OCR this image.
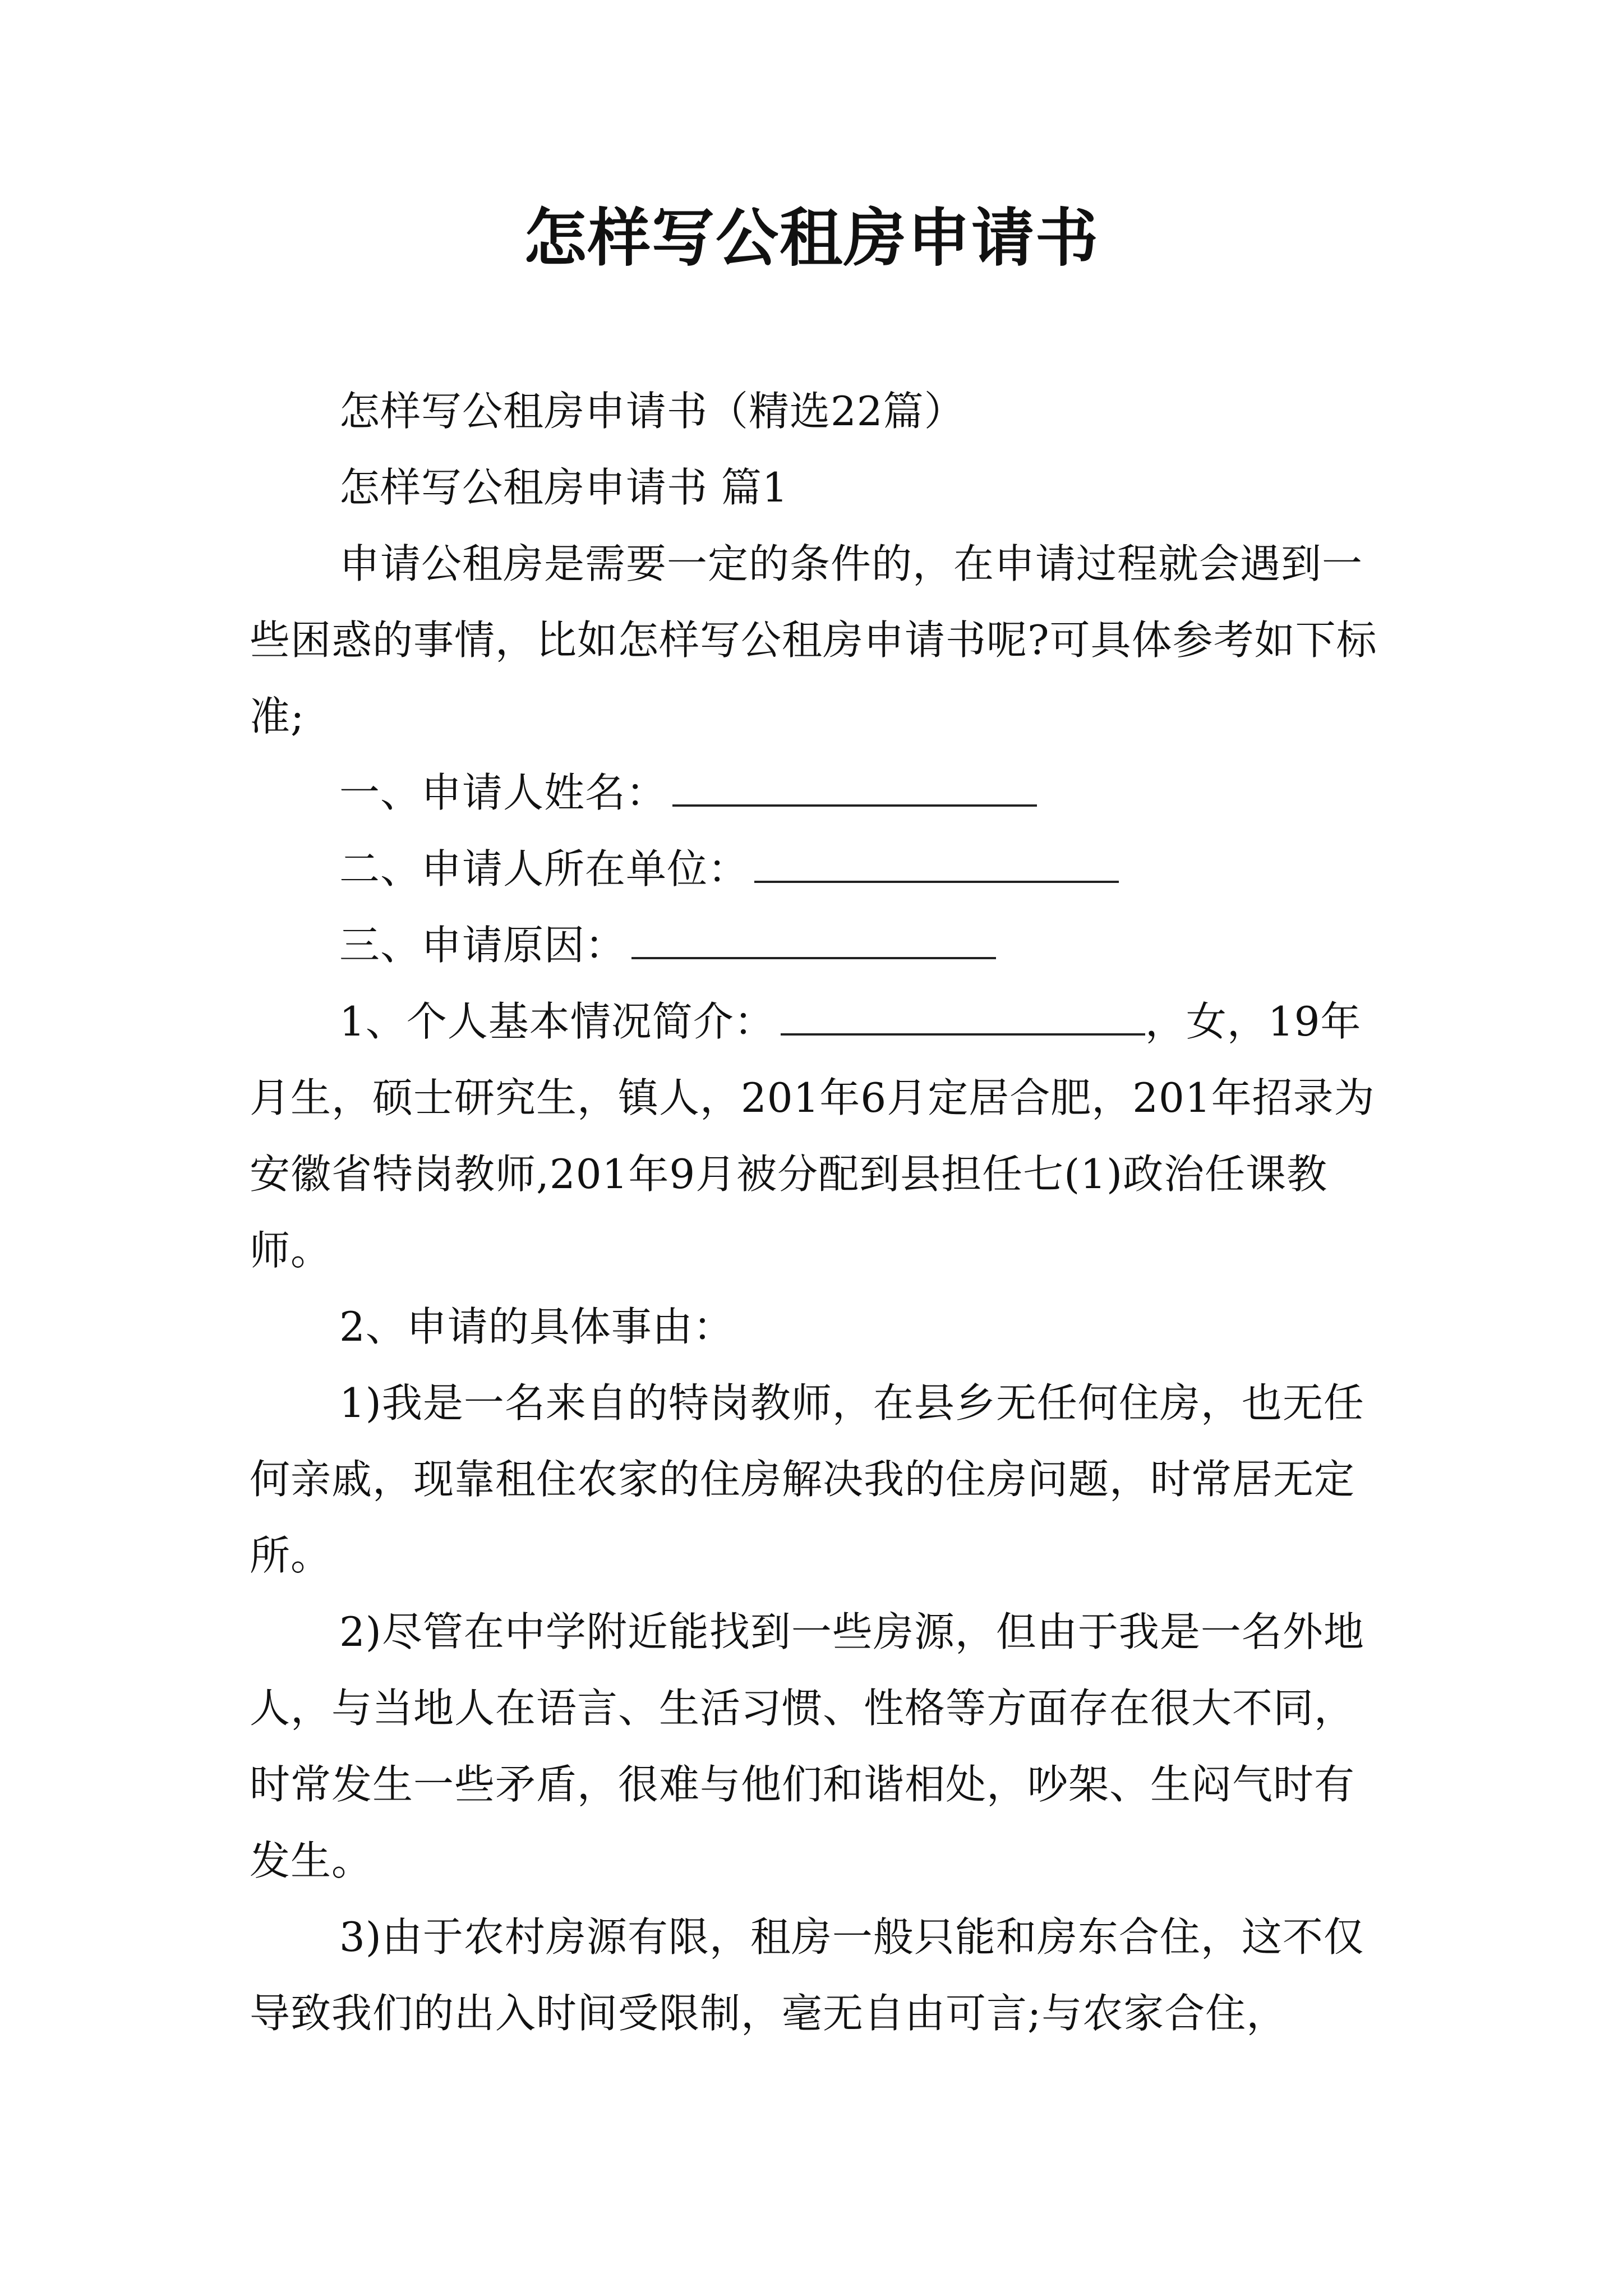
怎样写公租房申请书

怎样写公租房申请书（精选22篇）

怎样写公租房申请书 篇1

申请公租房是需要一定的条件的，在申请过程就会遇到一些困惑的事情，比如怎样写公租房申请书呢?可具体参考如下标准;

一、申请人姓名：

二、申请人所在单位：

三、申请原因：

1、个人基本情况简介：	，女，19年月生，硕士研究生，镇人，201年6月定居合肥，201年招录为安徽省特岗教师,201年9月被分配到县担任七(1)政治任课教师。

2、申请的具体事由：

1)我是一名来自的特岗教师，在县乡无任何住房，也无任何亲戚，现靠租住农家的住房解决我的住房问题，时常居无定所。

2)尽管在中学附近能找到一些房源，但由于我是一名外地人，与当地人在语言、生活习惯、性格等方面存在很大不同，时常发生一些矛盾，很难与他们和谐相处，吵架、生闷气时有发生。

3)由于农村房源有限，租房一般只能和房东合住，这不仅导致我们的出入时间受限制，毫无自由可言;与农家合住，
